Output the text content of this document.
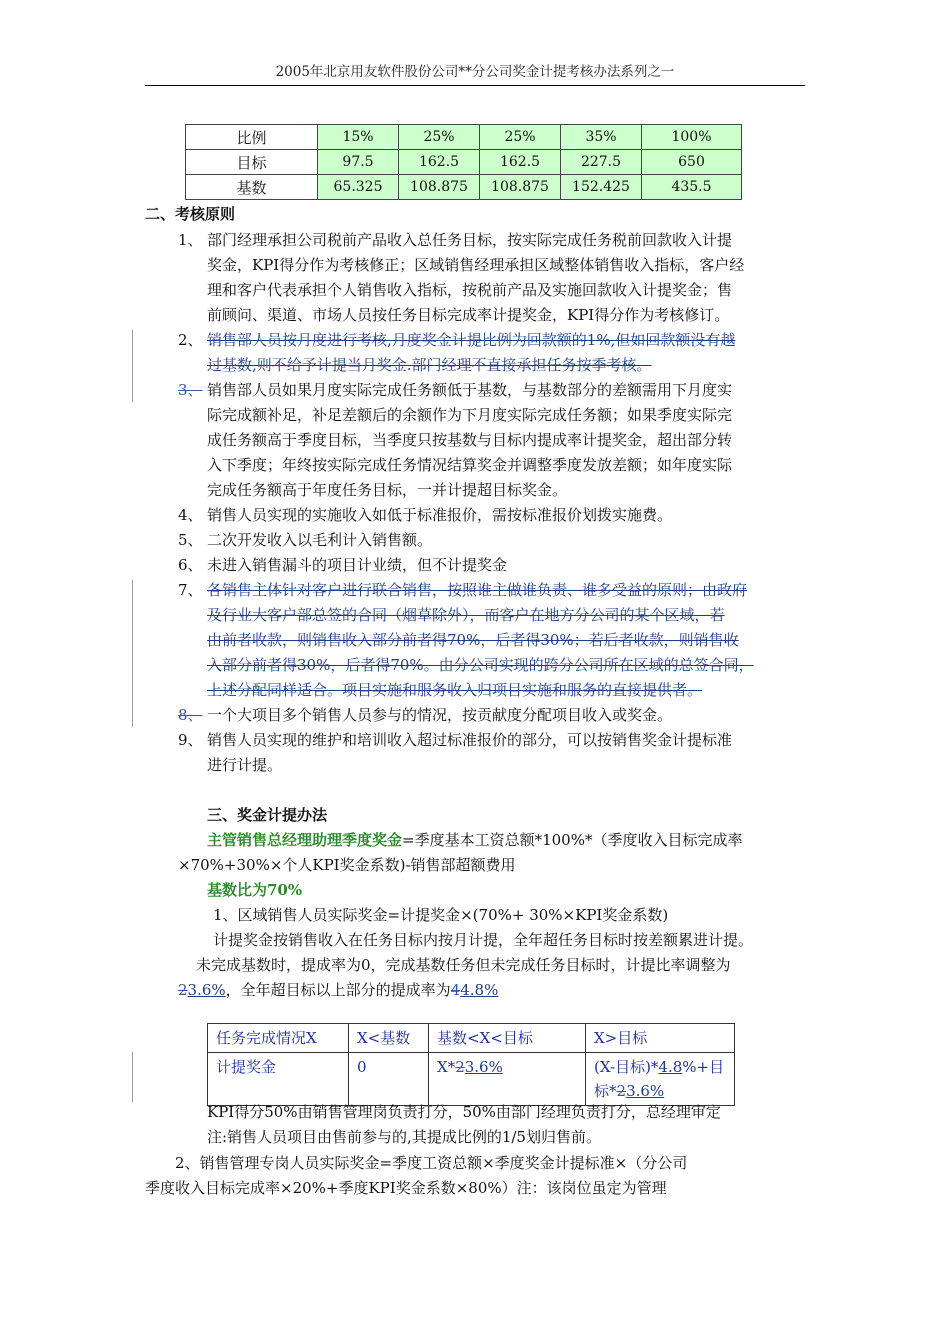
2005年北京用友软件股份公司**分公司奖金计提考核办法系列之一
比例	15%	25%	25%	35%	100%
目标	97.5	162.5	162.5	227.5	650
基数	65.325	108.875	108.875	152.425	435.5
二、考核原则
1、 部门经理承担公司税前产品收入总任务目标，按实际完成任务税前回款收入计提
奖金，KPI得分作为考核修正；区域销售经理承担区域整体销售收入指标，客户经
理和客户代表承担个人销售收入指标，按税前产品及实施回款收入计提奖金；售
前顾问、渠道、市场人员按任务目标完成率计提奖金，KPI得分作为考核修订。
2、 销售部人员按月度进行考核,月度奖金计提比例为回款额的1%,但如回款额没有越
过基数,则不给予计提当月奖金.部门经理不直接承担任务按季考核。
3、 销售部人员如果月度实际完成任务额低于基数，与基数部分的差额需用下月度实
际完成额补足，补足差额后的余额作为下月度实际完成任务额；如果季度实际完
成任务额高于季度目标，当季度只按基数与目标内提成率计提奖金，超出部分转
入下季度；年终按实际完成任务情况结算奖金并调整季度发放差额；如年度实际
完成任务额高于年度任务目标，一并计提超目标奖金。
4、 销售人员实现的实施收入如低于标准报价，需按标准报价划拨实施费。
5、 二次开发收入以毛利计入销售额。
6、 未进入销售漏斗的项目计业绩，但不计提奖金
7、 各销售主体针对客户进行联合销售，按照谁主做谁负责、谁多受益的原则；由政府
及行业大客户部总签的合同（烟草除外），而客户在地方分公司的某个区域，若
由前者收款，则销售收入部分前者得70%，后者得30%；若后者收款，则销售收
入部分前者得30%，后者得70%。由分公司实现的跨分公司所在区域的总签合同，
上述分配同样适合。项目实施和服务收入归项目实施和服务的直接提供者。
8、 一个大项目多个销售人员参与的情况，按贡献度分配项目收入或奖金。
9、 销售人员实现的维护和培训收入超过标准报价的部分，可以按销售奖金计提标准
进行计提。
三、奖金计提办法
主管销售总经理助理季度奖金=季度基本工资总额*100%*（季度收入目标完成率
×70%+30%×个人KPI奖金系数)-销售部超额费用
基数比为70%
1、区域销售人员实际奖金=计提奖金×(70%+ 30%×KPI奖金系数)
计提奖金按销售收入在任务目标内按月计提，全年超任务目标时按差额累进计提。
未完成基数时，提成率为0，完成基数任务但未完成任务目标时，计提比率调整为
23.6%，全年超目标以上部分的提成率为44.8%
任务完成情况X	X<基数	基数<X<目标	X>目标
计提奖金	0	X*23.6%	(X-目标)*4.8%+目
标*23.6%
KPI得分50%由销售管理岗负责打分，50%由部门经理负责打分，总经理审定
注:销售人员项目由售前参与的,其提成比例的1/5划归售前。
2、销售管理专岗人员实际奖金=季度工资总额×季度奖金计提标准×（分公司
季度收入目标完成率×20%+季度KPI奖金系数×80%）注：该岗位虽定为管理
